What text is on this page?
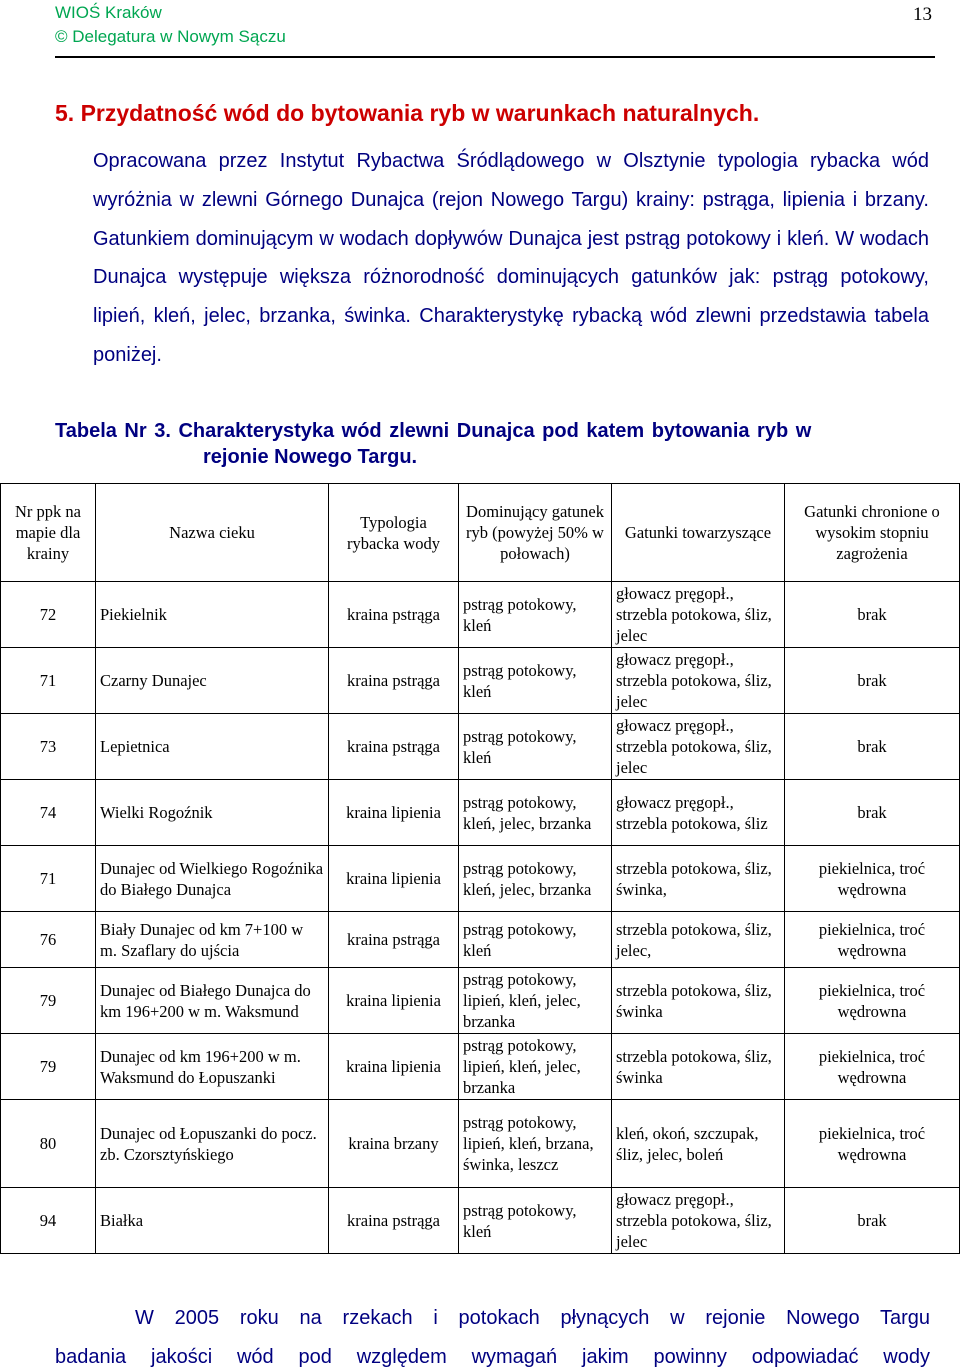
WIOŚ Kraków
© Delegatura w Nowym Sączu
13
5. Przydatność wód do bytowania ryb w warunkach naturalnych.

Opracowana przez Instytut Rybactwa Śródlądowego w Olsztynie typologia rybacka wód wyróżnia w zlewni Górnego Dunajca (rejon Nowego Targu) krainy: pstrąga, lipienia i brzany. Gatunkiem dominującym w wodach dopływów Dunajca jest pstrąg potokowy i kleń. W wodach Dunajca występuje większa różnorodność dominujących gatunków jak: pstrąg potokowy, lipień, kleń, jelec, brzanka, świnka. Charakterystykę rybacką wód zlewni przedstawia tabela poniżej.

Tabela Nr 3. Charakterystyka wód zlewni Dunajca pod katem bytowania ryb w
rejonie Nowego Targu.
Nr ppk na mapie dla krainy	Nazwa cieku	Typologia rybacka wody	Dominujący gatunek ryb (powyżej 50% w połowach)	Gatunki towarzyszące	Gatunki chronione o wysokim stopniu zagrożenia
72	Piekielnik	kraina pstrąga	pstrąg potokowy, kleń	głowacz pręgopł., strzebla potokowa, śliz, jelec	brak
71	Czarny Dunajec	kraina pstrąga	pstrąg potokowy, kleń	głowacz pręgopł., strzebla potokowa, śliz, jelec	brak
73	Lepietnica	kraina pstrąga	pstrąg potokowy, kleń	głowacz pręgopł., strzebla potokowa, śliz, jelec	brak
74	Wielki Rogoźnik	kraina lipienia	pstrąg potokowy, kleń, jelec, brzanka	głowacz pręgopł., strzebla potokowa, śliz	brak
71	Dunajec od Wielkiego Rogoźnika do Białego Dunajca	kraina lipienia	pstrąg potokowy, kleń, jelec, brzanka	strzebla potokowa, śliz, świnka,	piekielnica, troć wędrowna
76	Biały Dunajec od km 7+100 w m. Szaflary do ujścia	kraina pstrąga	pstrąg potokowy, kleń	strzebla potokowa, śliz, jelec,	piekielnica, troć wędrowna
79	Dunajec od Białego Dunajca do km 196+200 w m. Waksmund	kraina lipienia	pstrąg potokowy, lipień, kleń, jelec, brzanka	strzebla potokowa, śliz, świnka	piekielnica, troć wędrowna
79	Dunajec od km 196+200 w m. Waksmund do Łopuszanki	kraina lipienia	pstrąg potokowy, lipień, kleń, jelec, brzanka	strzebla potokowa, śliz, świnka	piekielnica, troć wędrowna
80	Dunajec od Łopuszanki do pocz. zb. Czorsztyńskiego	kraina brzany	pstrąg potokowy, lipień, kleń, brzana, świnka, leszcz	kleń, okoń, szczupak, śliz, jelec, boleń	piekielnica, troć wędrowna
94	Białka	kraina pstrąga	pstrąg potokowy, kleń	głowacz pręgopł., strzebla potokowa, śliz, jelec	brak
W 2005 roku na rzekach i potokach płynących w rejonie Nowego Targu
badania jakości wód pod względem wymagań jakim powinny odpowiadać wody
